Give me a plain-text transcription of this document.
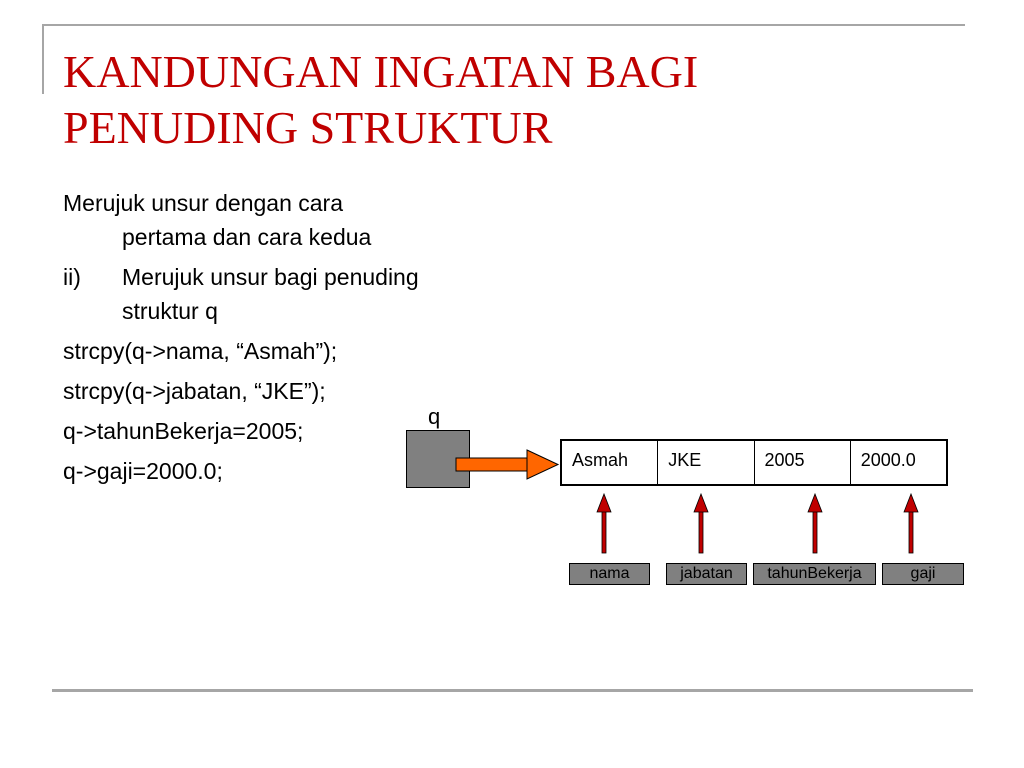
KANDUNGAN INGATAN BAGI
PENUDING STRUKTUR
Merujuk unsur dengan cara
pertama dan cara kedua
ii)	Merujuk unsur bagi penuding
struktur q
strcpy(q->nama, “Asmah”);
strcpy(q->jabatan, “JKE”);
q->tahunBekerja=2005;
q->gaji=2000.0;
q
Asmah	JKE	2005	2000.0
nama	jabatan	tahunBekerja	gaji
